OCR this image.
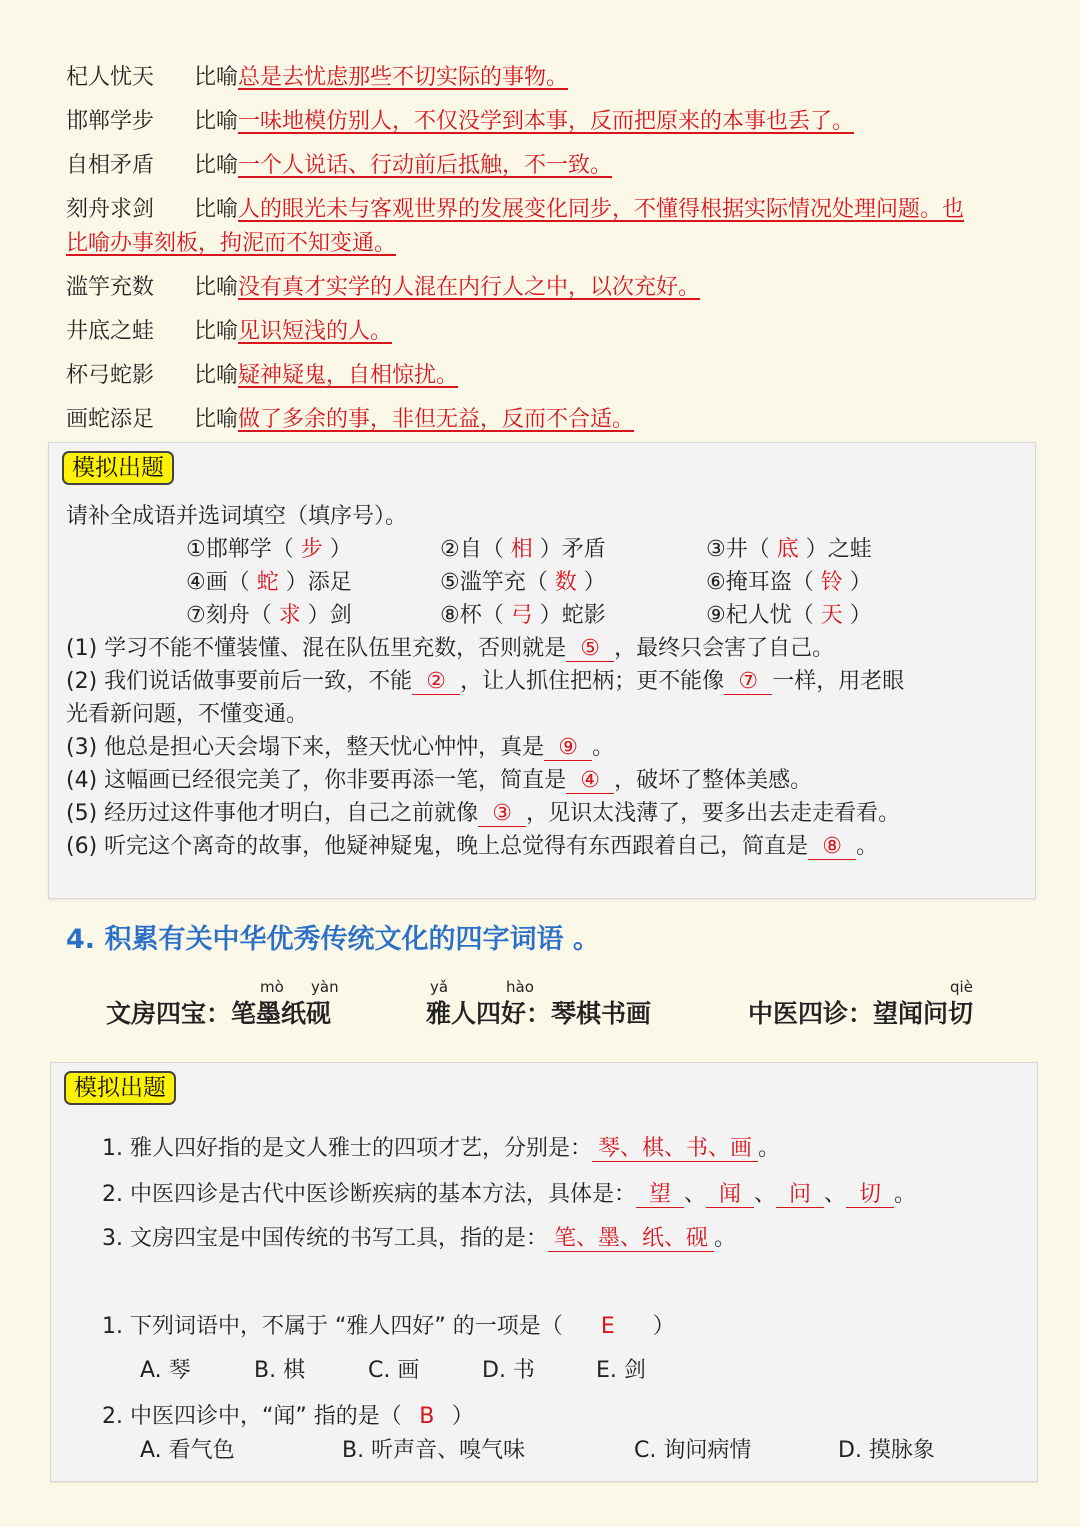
杞人忧天 比喻总是去忧虑那些不切实际的事物。
邯郸学步 比喻一味地模仿别人，不仅没学到本事，反而把原来的本事也丢了。
自相矛盾 比喻一个人说话、行动前后抵触，不一致。
刻舟求剑 比喻人的眼光未与客观世界的发展变化同步，不懂得根据实际情况处理问题。也
比喻办事刻板，拘泥而不知变通。
滥竽充数 比喻没有真才实学的人混在内行人之中，以次充好。
井底之蛙 比喻见识短浅的人。
杯弓蛇影 比喻疑神疑鬼，自相惊扰。
画蛇添足 比喻做了多余的事，非但无益，反而不合适。
模拟出题
请补全成语并选词填空（填序号）。
①邯郸学（ 步 ）	②自（ 相 ）矛盾	③井（ 底 ）之蛙
④画（ 蛇 ）添足	⑤滥竽充（ 数 ）	⑥掩耳盗（ 铃 ）
⑦刻舟（ 求 ）剑	⑧杯（ 弓 ）蛇影	⑨杞人忧（ 天 ）
(1) 学习不能不懂装懂、混在队伍里充数，否则就是 ⑤ ，最终只会害了自己。
(2) 我们说话做事要前后一致，不能 ② ，让人抓住把柄；更不能像 ⑦ 一样，用老眼
光看新问题，不懂变通。
(3) 他总是担心天会塌下来，整天忧心忡忡，真是 ⑨ 。
(4) 这幅画已经很完美了，你非要再添一笔，简直是 ④ ，破坏了整体美感。
(5) 经历过这件事他才明白，自己之前就像 ③ ，见识太浅薄了，要多出去走走看看。
(6) 听完这个离奇的故事，他疑神疑鬼，晚上总觉得有东西跟着自己，简直是 ⑧ 。
4. 积累有关中华优秀传统文化的四字词语 。
mò yàn
文房四宝：笔墨纸砚
yǎ	hào
雅人四好：琴棋书画
qiè
中医四诊：望闻问切
模拟出题
1. 雅人四好指的是文人雅士的四项才艺，分别是： 琴、棋、书、画 。
2. 中医四诊是古代中医诊断疾病的基本方法，具体是： 望 、 闻 、 问 、 切 。
3. 文房四宝是中国传统的书写工具，指的是： 笔、墨、纸、砚 。
1. 下列词语中，不属于 “雅人四好” 的一项是（ E ）
A. 琴	B. 棋	C. 画	D. 书	E. 剑
2. 中医四诊中，“闻” 指的是（ B ）
A. 看气色	B. 听声音、嗅气味	C. 询问病情	D. 摸脉象
